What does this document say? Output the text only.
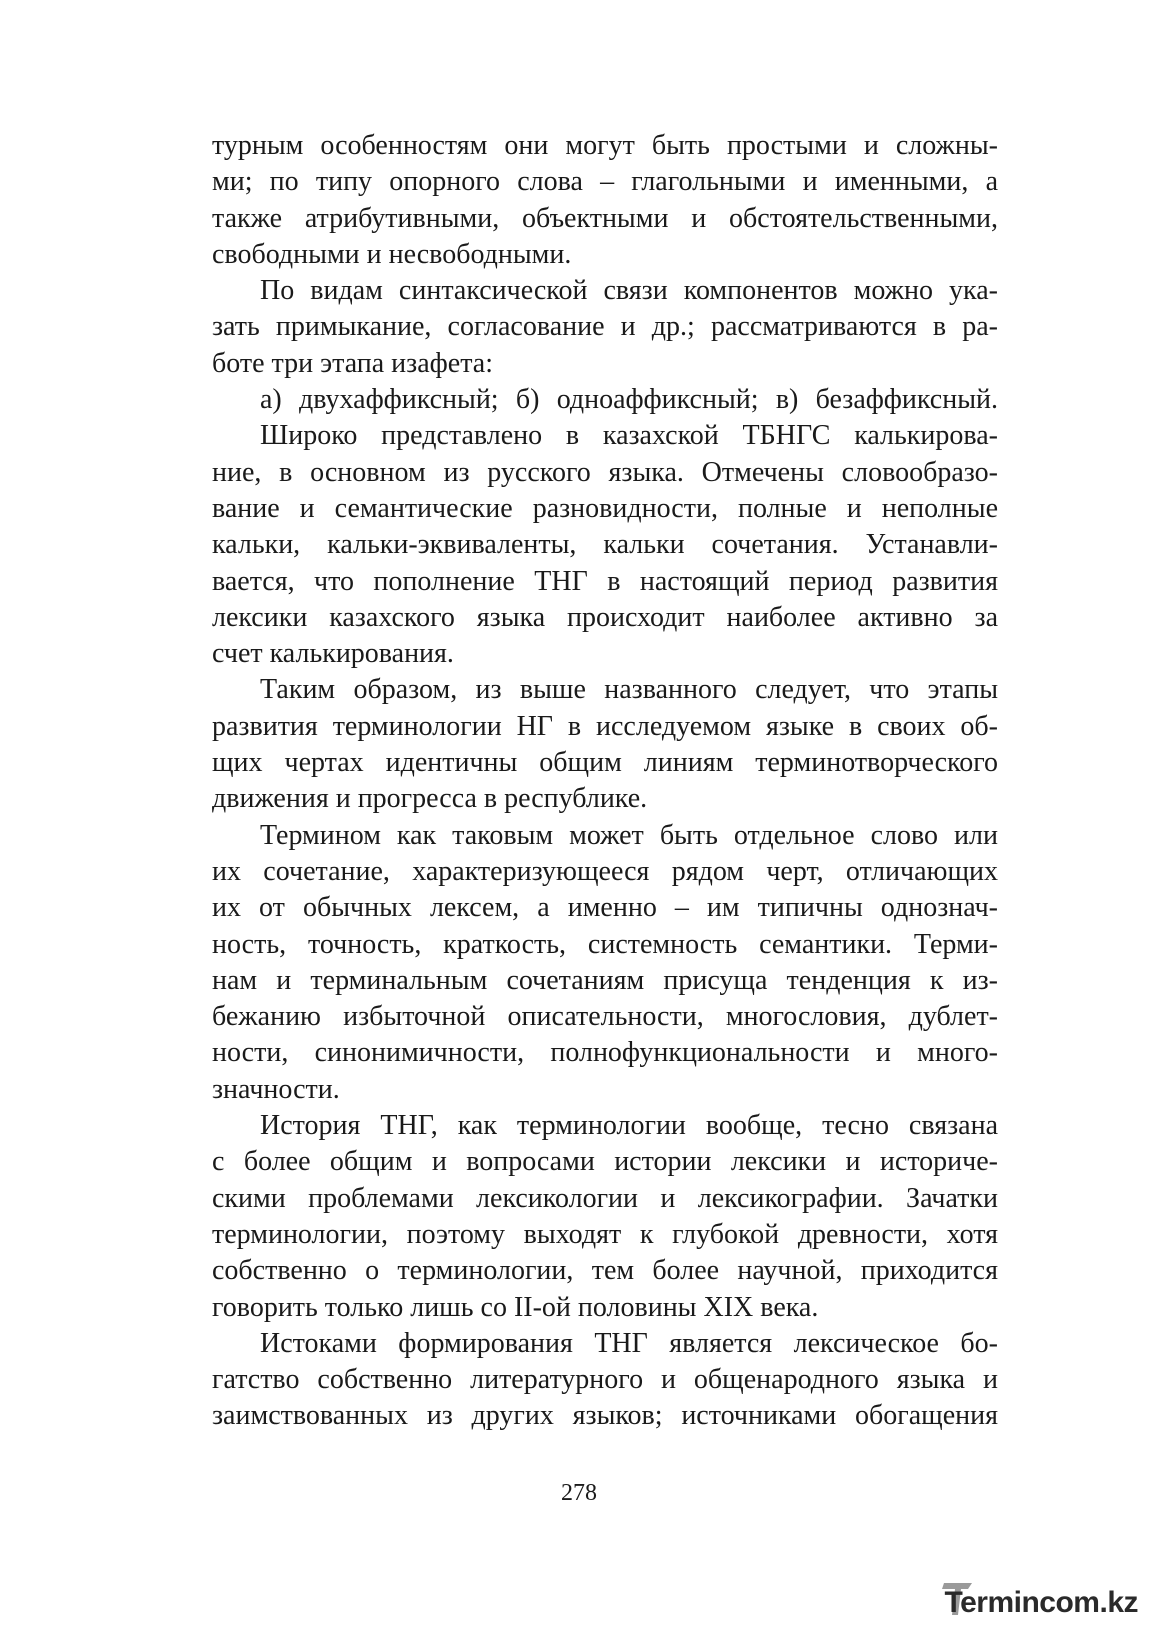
турным особенностям они могут быть простыми и сложны-
ми; по типу опорного слова – глагольными и именными, а
также атрибутивными, объектными и обстоятельственными,
свободными и несвободными.
По видам синтаксической связи компонентов можно ука-
зать примыкание, согласование и др.; рассматриваются в ра-
боте три этапа изафета:
а) двухаффиксный; б) одноаффиксный; в) безаффиксный.
Широко представлено в казахской ТБНГС калькирова-
ние, в основном из русского языка. Отмечены словообразо-
вание и семантические разновидности, полные и неполные
кальки, кальки-эквиваленты, кальки сочетания. Устанавли-
вается, что пополнение ТНГ в настоящий период развития
лексики казахского языка происходит наиболее активно за
счет калькирования.
Таким образом, из выше названного следует, что этапы
развития терминологии НГ в исследуемом языке в своих об-
щих чертах идентичны общим линиям терминотворческого
движения и прогресса в республике.
Термином как таковым может быть отдельное слово или
их сочетание, характеризующееся рядом черт, отличающих
их от обычных лексем, а именно – им типичны однознач-
ность, точность, краткость, системность семантики. Терми-
нам и терминальным сочетаниям присуща тенденция к из-
бежанию избыточной описательности, многословия, дублет-
ности, синонимичности, полнофункциональности и много-
значности.
История ТНГ, как терминологии вообще, тесно связана
с более общим и вопросами истории лексики и историче-
скими проблемами лексикологии и лексикографии. Зачатки
терминологии, поэтому выходят к глубокой древности, хотя
собственно о терминологии, тем более научной, приходится
говорить только лишь со II-ой половины XIX века.
Истоками формирования ТНГ является лексическое бо-
гатство собственно литературного и общенародного языка и
заимствованных из других языков; источниками обогащения
278
Termincom.kz
